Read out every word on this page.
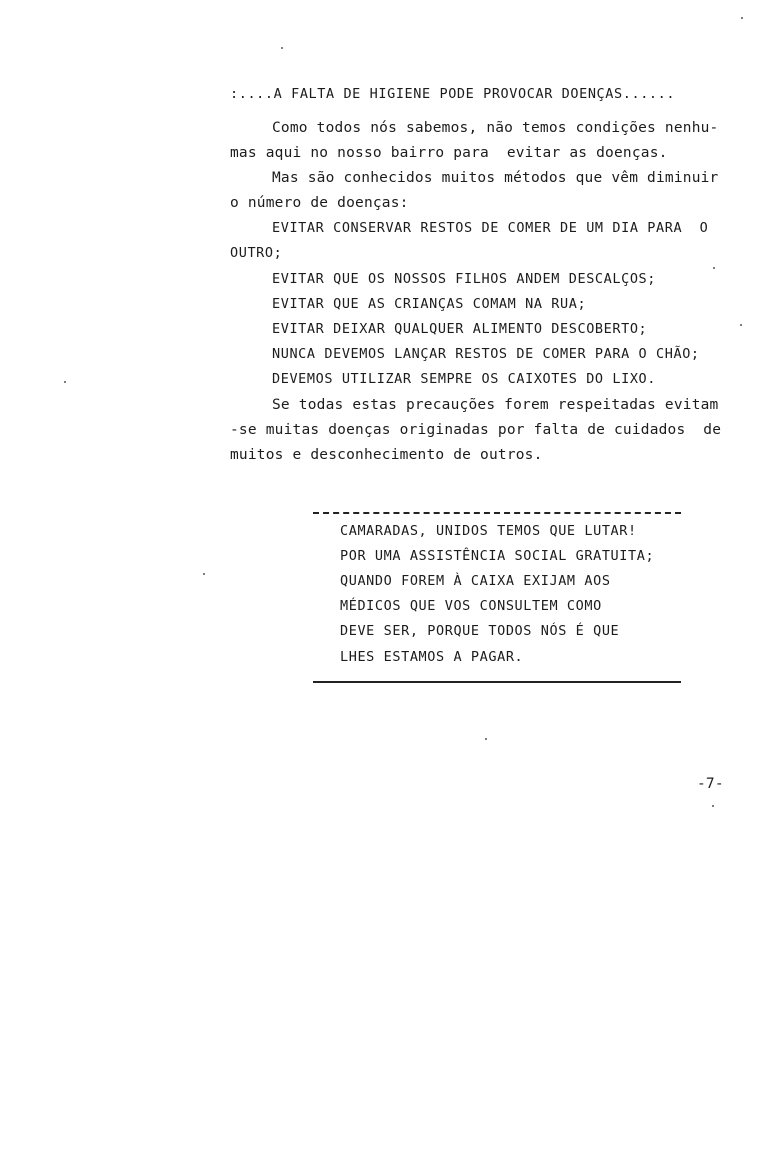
:....A FALTA DE HIGIENE PODE PROVOCAR DOENÇAS......
Como todos nós sabemos, não temos condições nenhu-
mas aqui no nosso bairro para  evitar as doenças.
Mas são conhecidos muitos métodos que vêm diminuir
o número de doenças:
EVITAR CONSERVAR RESTOS DE COMER DE UM DIA PARA  O
OUTRO;
EVITAR QUE OS NOSSOS FILHOS ANDEM DESCALÇOS;
EVITAR QUE AS CRIANÇAS COMAM NA RUA;
EVITAR DEIXAR QUALQUER ALIMENTO DESCOBERTO;
NUNCA DEVEMOS LANÇAR RESTOS DE COMER PARA O CHÃO;
DEVEMOS UTILIZAR SEMPRE OS CAIXOTES DO LIXO.
Se todas estas precauções forem respeitadas evitam
-se muitas doenças originadas por falta de cuidados  de
muitos e desconhecimento de outros.
CAMARADAS, UNIDOS TEMOS QUE LUTAR!
POR UMA ASSISTÊNCIA SOCIAL GRATUITA;
QUANDO FOREM À CAIXA EXIJAM AOS
MÉDICOS QUE VOS CONSULTEM COMO
DEVE SER, PORQUE TODOS NÓS É QUE
LHES ESTAMOS A PAGAR.
-7-
